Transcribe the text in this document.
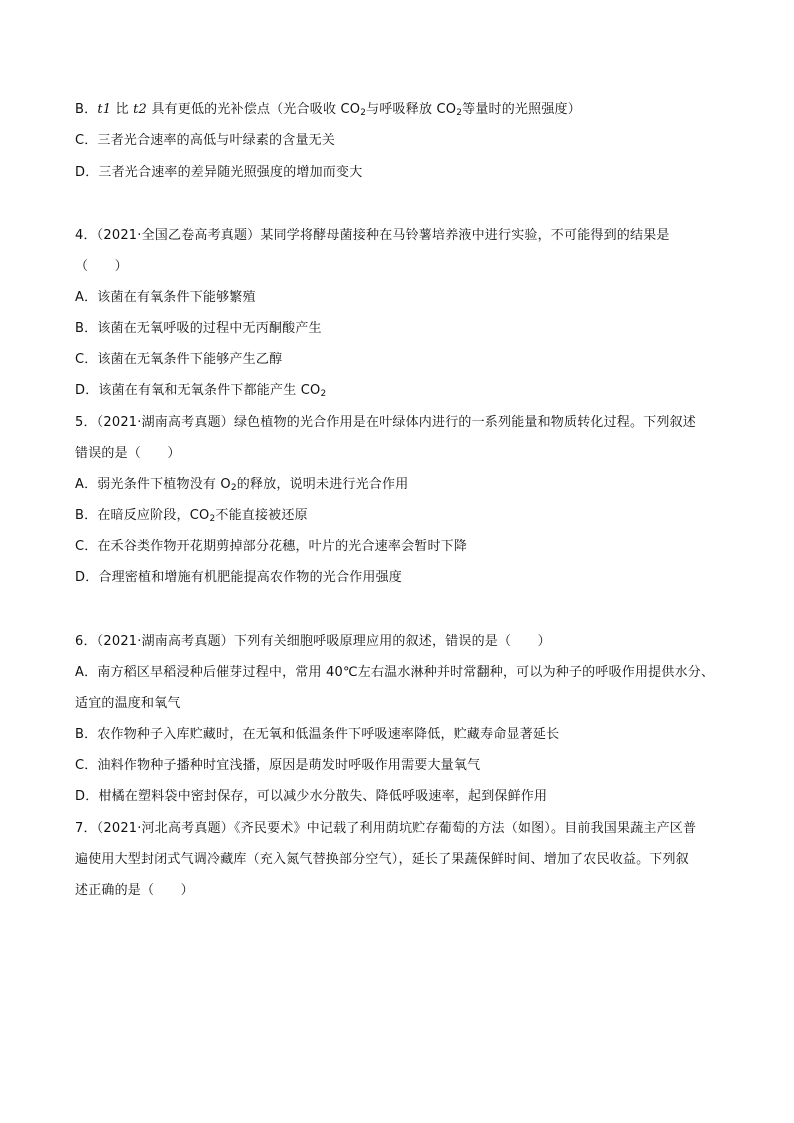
B．t1 比 t2 具有更低的光补偿点（光合吸收 $CO_2$与呼吸释放 $CO_2$等量时的光照强度）
C．三者光合速率的高低与叶绿素的含量无关
D．三者光合速率的差异随光照强度的增加而变大
4．（2021·全国乙卷高考真题）某同学将酵母菌接种在马铃薯培养液中进行实验，不可能得到的结果是
（　　）
A．该菌在有氧条件下能够繁殖
B．该菌在无氧呼吸的过程中无丙酮酸产生
C．该菌在无氧条件下能够产生乙醇
D．该菌在有氧和无氧条件下都能产生 $CO_2$
5．（2021·湖南高考真题）绿色植物的光合作用是在叶绿体内进行的一系列能量和物质转化过程。下列叙述
错误的是（　　）
A．弱光条件下植物没有 $O_2$的释放，说明未进行光合作用
B．在暗反应阶段，$CO_2$不能直接被还原
C．在禾谷类作物开花期剪掉部分花穗，叶片的光合速率会暂时下降
D．合理密植和增施有机肥能提高农作物的光合作用强度
6．（2021·湖南高考真题）下列有关细胞呼吸原理应用的叙述，错误的是（　　）
A．南方稻区早稻浸种后催芽过程中，常用 40℃左右温水淋种并时常翻种，可以为种子的呼吸作用提供水分、
适宜的温度和氧气
B．农作物种子入库贮藏时，在无氧和低温条件下呼吸速率降低，贮藏寿命显著延长
C．油料作物种子播种时宜浅播，原因是萌发时呼吸作用需要大量氧气
D．柑橘在塑料袋中密封保存，可以减少水分散失、降低呼吸速率，起到保鲜作用
7．（2021·河北高考真题）《齐民要术》中记载了利用荫坑贮存葡萄的方法（如图）。目前我国果蔬主产区普
遍使用大型封闭式气调冷藏库（充入氮气替换部分空气），延长了果蔬保鲜时间、增加了农民收益。下列叙
述正确的是（　　）
